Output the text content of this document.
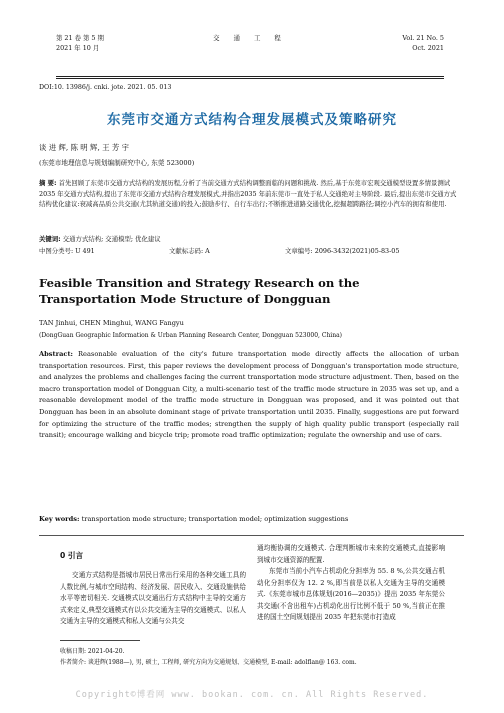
第 21 卷 第 5 期
2021 年 10 月
交 通 工 程	Vol. 21 No. 5
Oct. 2021
DOI:10. 13986/j. cnki. jote. 2021. 05. 013
东莞市交通方式结构合理发展模式及策略研究
谈 进 辉, 陈 明 辉, 王 芳 宇
(东莞市地理信息与规划编制研究中心, 东莞 523000)
摘 要: 首先回顾了东莞市交通方式结构的发展历程,分析了当前交通方式结构调整面临的问题和挑战. 然后,基于东莞市宏观交通模型设置多情景测试 2035 年交通方式结构,提出了东莞市交通方式结构合理发展模式,并指出2035 年前东莞市一直处于私人交通绝对主导阶段. 最后,提出东莞市交通方式结构优化建议:衰减高品质公共交通(尤其轨道交通)的投入;鼓励步行、自行车出行;不断推进道路交通优化,挖掘超跨路径;调控小汽车的拥有和使用.
关键词: 交通方式结构; 交通模型; 优化建议
中图分类号: U 491	文献标志码: A	文章编号: 2096-3432(2021)05-83-05
Feasible Transition and Strategy Research on the Transportation Mode Structure of Dongguan
TAN Jinhui, CHEN Minghui, WANG Fangyu
(DongGuan Geographic Information & Urban Planning Research Center, Dongguan 523000, China)
Abstract: Reasonable evaluation of the city's future transportation mode directly affects the allocation of urban transportation resources. First, this paper reviews the development process of Dongguan's transportation mode structure, and analyzes the problems and challenges facing the current transportation mode structure adjustment. Then, based on the macro transportation model of Dongguan City, a multi-scenario test of the traffic mode structure in 2035 was set up, and a reasonable development model of the traffic mode structure in Dongguan was proposed, and it was pointed out that Dongguan has been in an absolute dominant stage of private transportation until 2035. Finally, suggestions are put forward for optimizing the structure of the traffic modes; strengthen the supply of high quality public transport (especially rail transit); encourage walking and bicycle trip; promote road traffic optimization; regulate the ownership and use of cars.
Key words: transportation mode structure; transportation model; optimization suggestions
0 引言
交通方式结构是指城市居民日常出行采用的各种交通工具的人数比例,与城市空间结构、经济发展、居民收入、交通设施供给水平等密切相关. 交通模式以交通出行方式结构中主导的交通方式来定义,典型交通模式有以公共交通为主导的交通模式、以私人交通为主导的交通模式和私人交通与公共交
通均衡协调的交通模式. 合理判断城市未来的交通模式,直接影响到城市交通资源的配置.
东莞市当前小汽车占机动化分担率为 55. 8 %,公共交通占机动化分担率仅为 12. 2 %,即当前是以私人交通为主导的交通模式.《东莞市城市总体规划(2016—2035)》提出 2035 年东莞公共交通(不含出租车)占机动化出行比例不低于 50 %,当前正在推进的国土空间规划提出 2035 年把东莞市打造成
收稿日期: 2021-04-20.
作者简介: 谈进辉(1988—), 男, 硕士, 工程师, 研究方向为交通规划、交通模型, E-mail: adolflan@ 163. com.
Copyright©博看网 www. bookan. com. cn. All Rights Reserved.
